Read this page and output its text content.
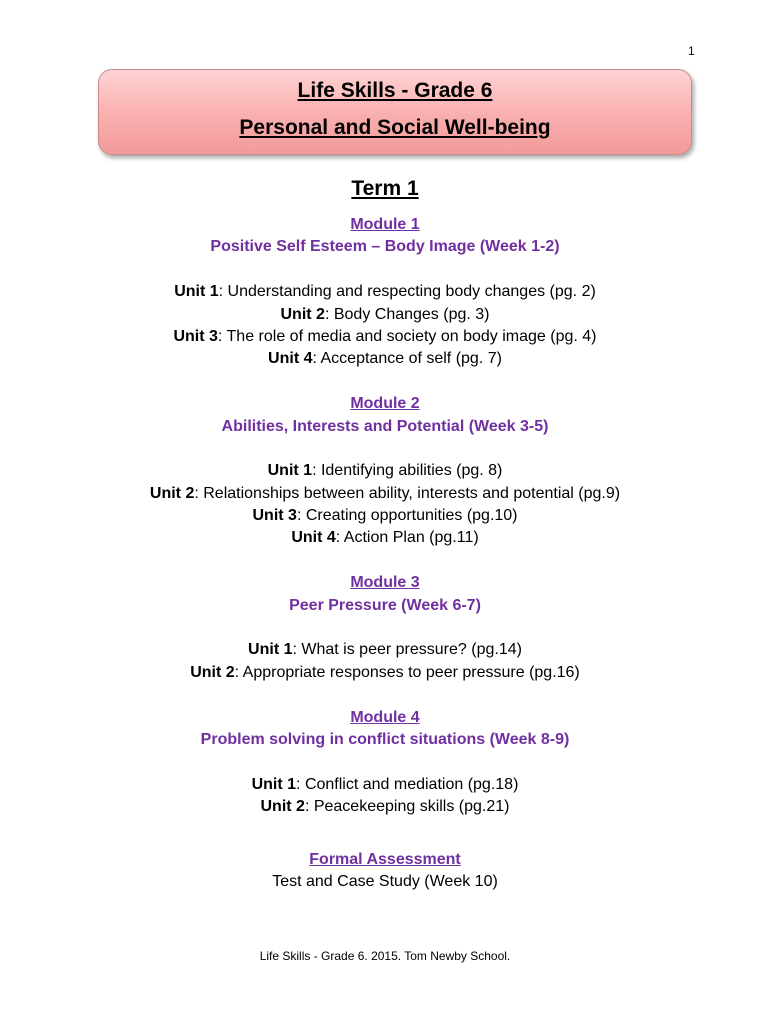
1
Life Skills - Grade 6
Personal and Social Well-being
Term 1
Module 1
Positive Self Esteem – Body Image (Week 1-2)
Unit 1: Understanding and respecting body changes (pg. 2)
Unit 2: Body Changes (pg. 3)
Unit 3: The role of media and society on body image (pg. 4)
Unit 4: Acceptance of self (pg. 7)
Module 2
Abilities, Interests and Potential (Week 3-5)
Unit 1: Identifying abilities (pg. 8)
Unit 2: Relationships between ability, interests and potential (pg.9)
Unit 3: Creating opportunities (pg.10)
Unit 4: Action Plan (pg.11)
Module 3
Peer Pressure (Week 6-7)
Unit 1: What is peer pressure? (pg.14)
Unit 2: Appropriate responses to peer pressure (pg.16)
Module 4
Problem solving in conflict situations (Week 8-9)
Unit 1: Conflict and mediation (pg.18)
Unit 2: Peacekeeping skills (pg.21)
Formal Assessment
Test and Case Study (Week 10)
Life Skills - Grade 6. 2015. Tom Newby School.
